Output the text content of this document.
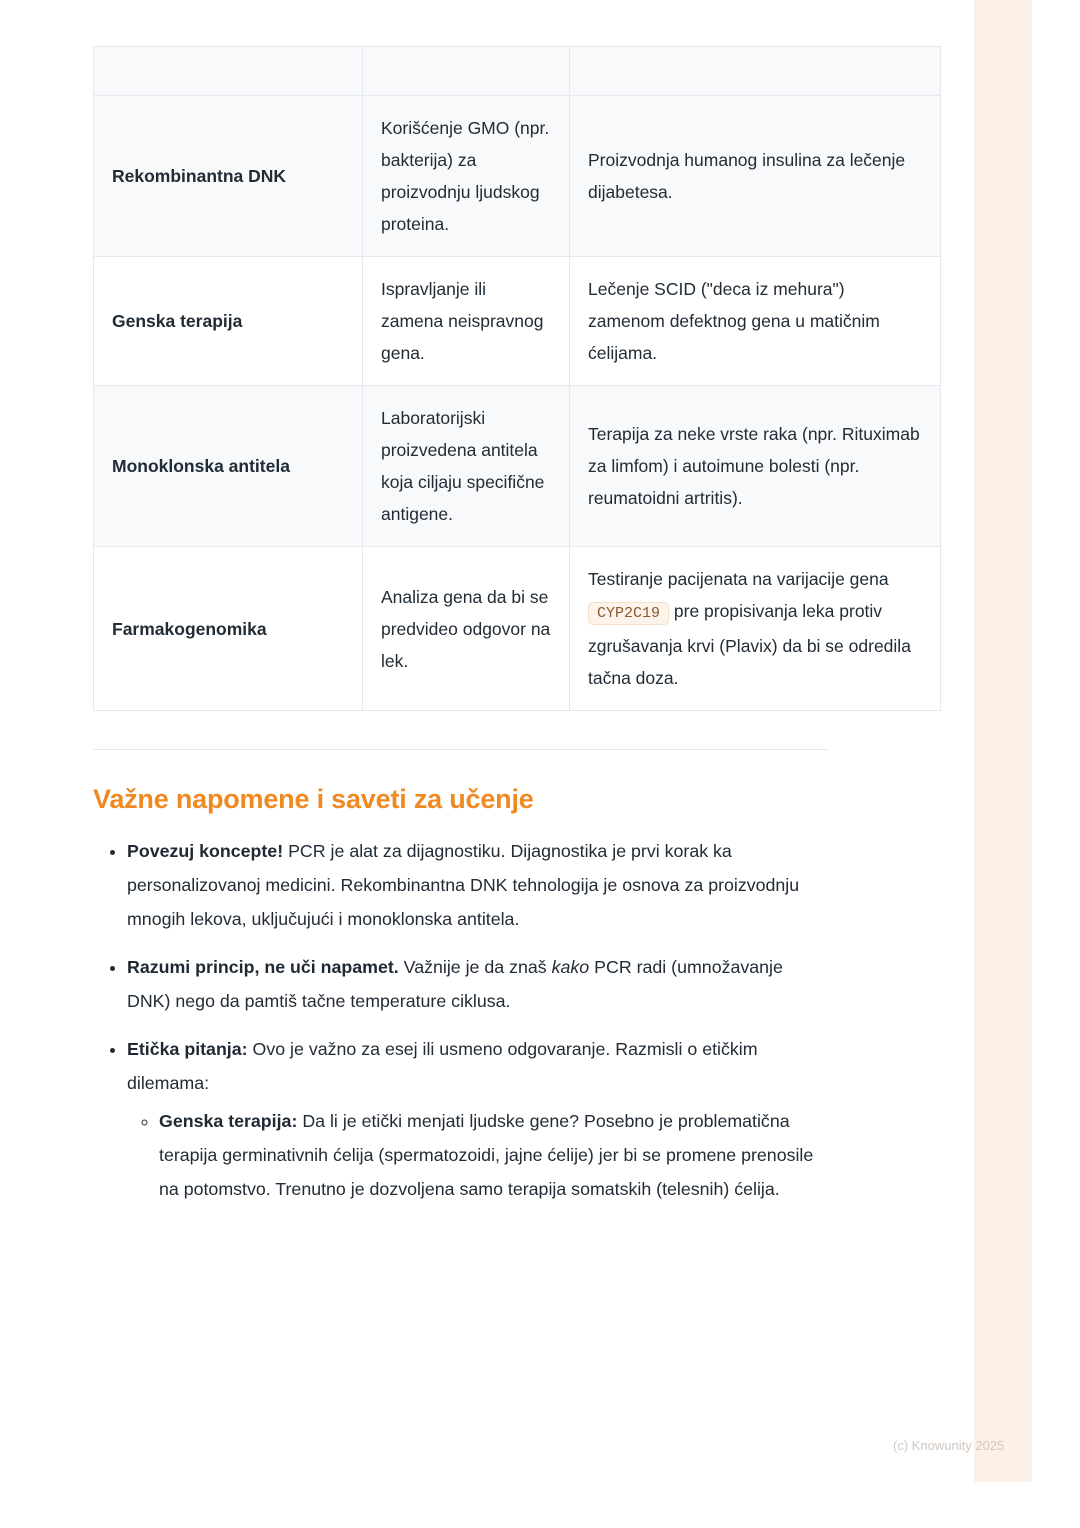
Rekombinantna DNK	Korišćenje GMO (npr. bakterija) za proizvodnju ljudskog proteina.	Proizvodnja humanog insulina za lečenje dijabetesa.
Genska terapija	Ispravljanje ili zamena neispravnog gena.	Lečenje SCID ("deca iz mehura") zamenom defektnog gena u matičnim ćelijama.
Monoklonska antitela	Laboratorijski proizvedena antitela koja ciljaju specifične antigene.	Terapija za neke vrste raka (npr. Rituximab za limfom) i autoimune bolesti (npr. reumatoidni artritis).
Farmakogenomika	Analiza gena da bi se predvideo odgovor na lek.	Testiranje pacijenata na varijacije gena CYP2C19 pre propisivanja leka protiv zgrušavanja krvi (Plavix) da bi se odredila tačna doza.
Važne napomene i saveti za učenje
• Povezuj koncepte! PCR je alat za dijagnostiku. Dijagnostika je prvi korak ka personalizovanoj medicini. Rekombinantna DNK tehnologija je osnova za proizvodnju mnogih lekova, uključujući i monoklonska antitela.
• Razumi princip, ne uči napamet. Važnije je da znaš kako PCR radi (umnožavanje DNK) nego da pamtiš tačne temperature ciklusa.
• Etička pitanja: Ovo je važno za esej ili usmeno odgovaranje. Razmisli o etičkim dilemama:
◦ Genska terapija: Da li je etički menjati ljudske gene? Posebno je problematična terapija germinativnih ćelija (spermatozoidi, jajne ćelije) jer bi se promene prenosile na potomstvo. Trenutno je dozvoljena samo terapija somatskih (telesnih) ćelija.
(c) Knowunity 2025
